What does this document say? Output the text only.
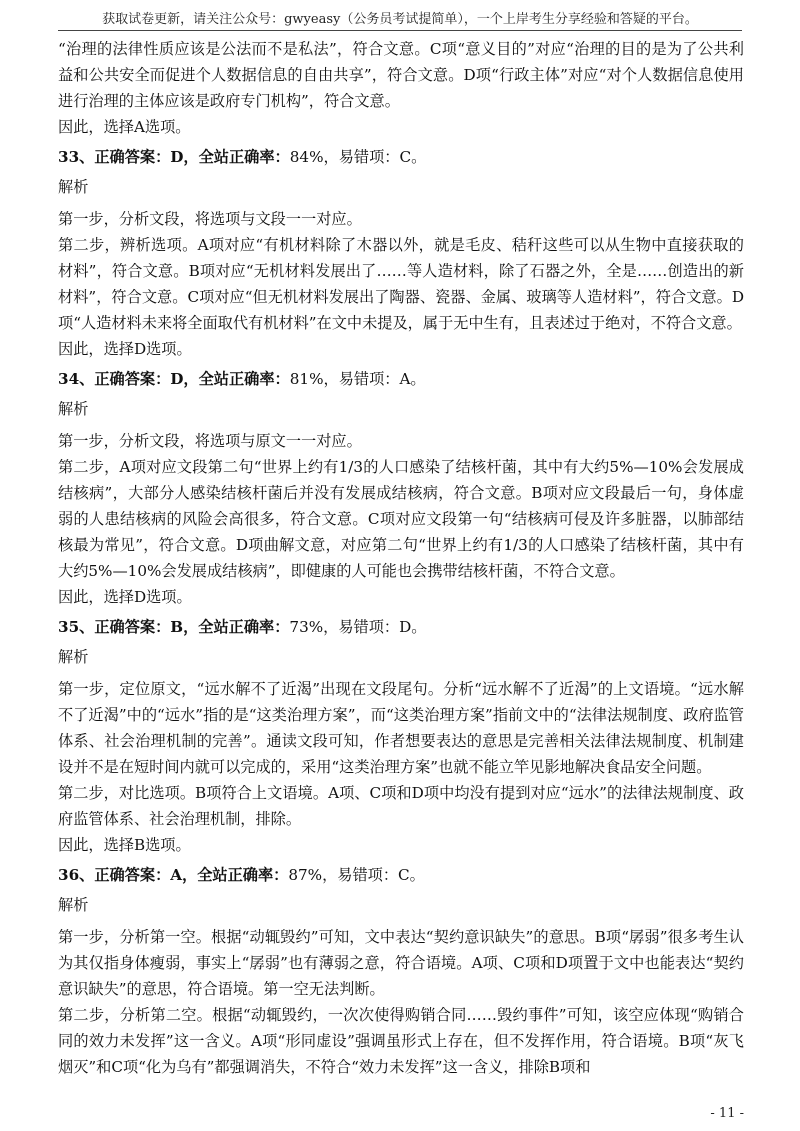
获取试卷更新，请关注公众号：gwyeasy（公务员考试提简单），一个上岸考生分享经验和答疑的平台。

“治理的法律性质应该是公法而不是私法”，符合文意。C项“意义目的”对应“治理的目的是为了公共利益和公共安全而促进个人数据信息的自由共享”，符合文意。D项“行政主体”对应“对个人数据信息使用进行治理的主体应该是政府专门机构”，符合文意。

因此，选择A选项。

33、正确答案：D，全站正确率：84%，易错项：C。

解析

第一步，分析文段，将选项与文段一一对应。

第二步，辨析选项。A项对应“有机材料除了木器以外，就是毛皮、秸秆这些可以从生物中直接获取的材料”，符合文意。B项对应“无机材料发展出了……等人造材料，除了石器之外，全是……创造出的新材料”，符合文意。C项对应“但无机材料发展出了陶器、瓷器、金属、玻璃等人造材料”，符合文意。D项“人造材料未来将全面取代有机材料”在文中未提及，属于无中生有，且表述过于绝对，不符合文意。

因此，选择D选项。

34、正确答案：D，全站正确率：81%，易错项：A。

解析

第一步，分析文段，将选项与原文一一对应。

第二步，A项对应文段第二句“世界上约有1/3的人口感染了结核杆菌，其中有大约5%—10%会发展成结核病”，大部分人感染结核杆菌后并没有发展成结核病，符合文意。B项对应文段最后一句，身体虚弱的人患结核病的风险会高很多，符合文意。C项对应文段第一句“结核病可侵及许多脏器，以肺部结核最为常见”，符合文意。D项曲解文意，对应第二句“世界上约有1/3的人口感染了结核杆菌，其中有大约5%—10%会发展成结核病”，即健康的人可能也会携带结核杆菌，不符合文意。

因此，选择D选项。

35、正确答案：B，全站正确率：73%，易错项：D。

解析

第一步，定位原文，“远水解不了近渴”出现在文段尾句。分析“远水解不了近渴”的上文语境。“远水解不了近渴”中的“远水”指的是“这类治理方案”，而“这类治理方案”指前文中的“法律法规制度、政府监管体系、社会治理机制的完善”。通读文段可知，作者想要表达的意思是完善相关法律法规制度、机制建设并不是在短时间内就可以完成的，采用“这类治理方案”也就不能立竿见影地解决食品安全问题。

第二步，对比选项。B项符合上文语境。A项、C项和D项中均没有提到对应“远水”的法律法规制度、政府监管体系、社会治理机制，排除。

因此，选择B选项。

36、正确答案：A，全站正确率：87%，易错项：C。

解析

第一步，分析第一空。根据“动辄毁约”可知，文中表达“契约意识缺失”的意思。B项“孱弱”很多考生认为其仅指身体瘦弱，事实上“孱弱”也有薄弱之意，符合语境。A项、C项和D项置于文中也能表达“契约意识缺失”的意思，符合语境。第一空无法判断。

第二步，分析第二空。根据“动辄毁约，一次次使得购销合同……毁约事件”可知，该空应体现“购销合同的效力未发挥”这一含义。A项“形同虚设”强调虽形式上存在，但不发挥作用，符合语境。B项“灰飞烟灭”和C项“化为乌有”都强调消失，不符合“效力未发挥”这一含义，排除B项和

- 11 -
